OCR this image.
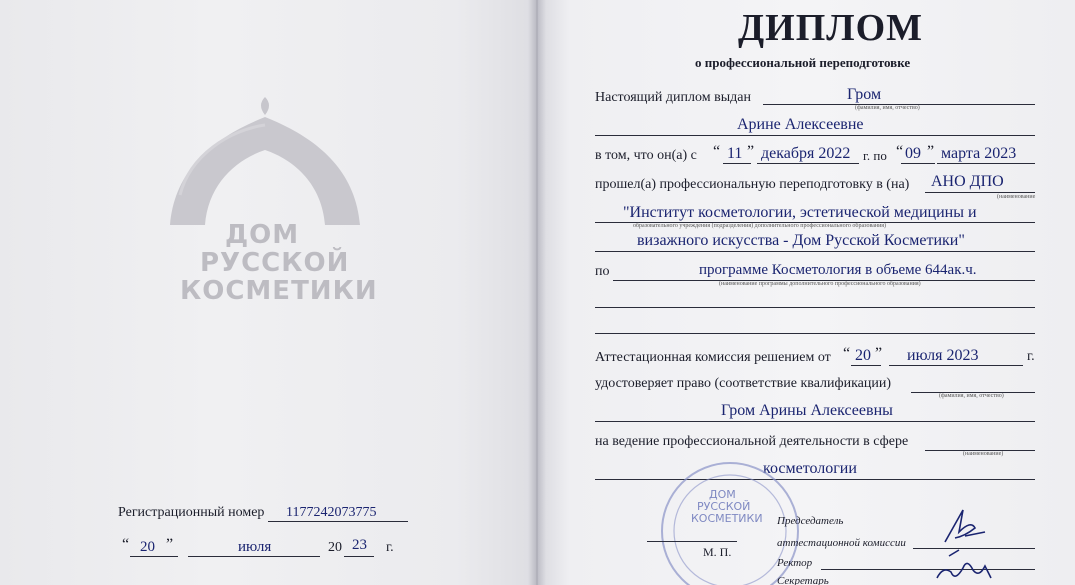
ДОМ
РУССКОЙ
КОСМЕТИКИ
Регистрационный номер 1177242073775
“ 20 ”	июля	20 23 г.
ДИПЛОМ
о профессиональной переподготовке
Настоящий диплом выдан	Гром
(фамилия, имя, отчество)
Арине Алексеевне
в том, что он(а) с “ 11 ” декабря 2022 г. по “ 09 ” марта 2023
прошел(а) профессиональную переподготовку в (на) АНО ДПО
(наименование
"Институт косметологии, эстетической медицины и
образовательного учреждения (подразделения) дополнительного профессионального образования)
визажного искусства - Дом Русской Косметики"
по	программе Косметология в объеме 644ак.ч.
(наименование программы дополнительного профессионального образования)
Аттестационная комиссия решением от “ 20 ” июля 2023	г.
удостоверяет право (соответствие квалификации)
(фамилия, имя, отчество)
Гром Арины Алексеевны
на ведение профессиональной деятельности в сфере
(наименование)
косметологии
ДОМ
РУССКОЙ
КОСМЕТИКИ
М. П.
Председатель
аттестационной комиссии
Ректор
Секретарь
